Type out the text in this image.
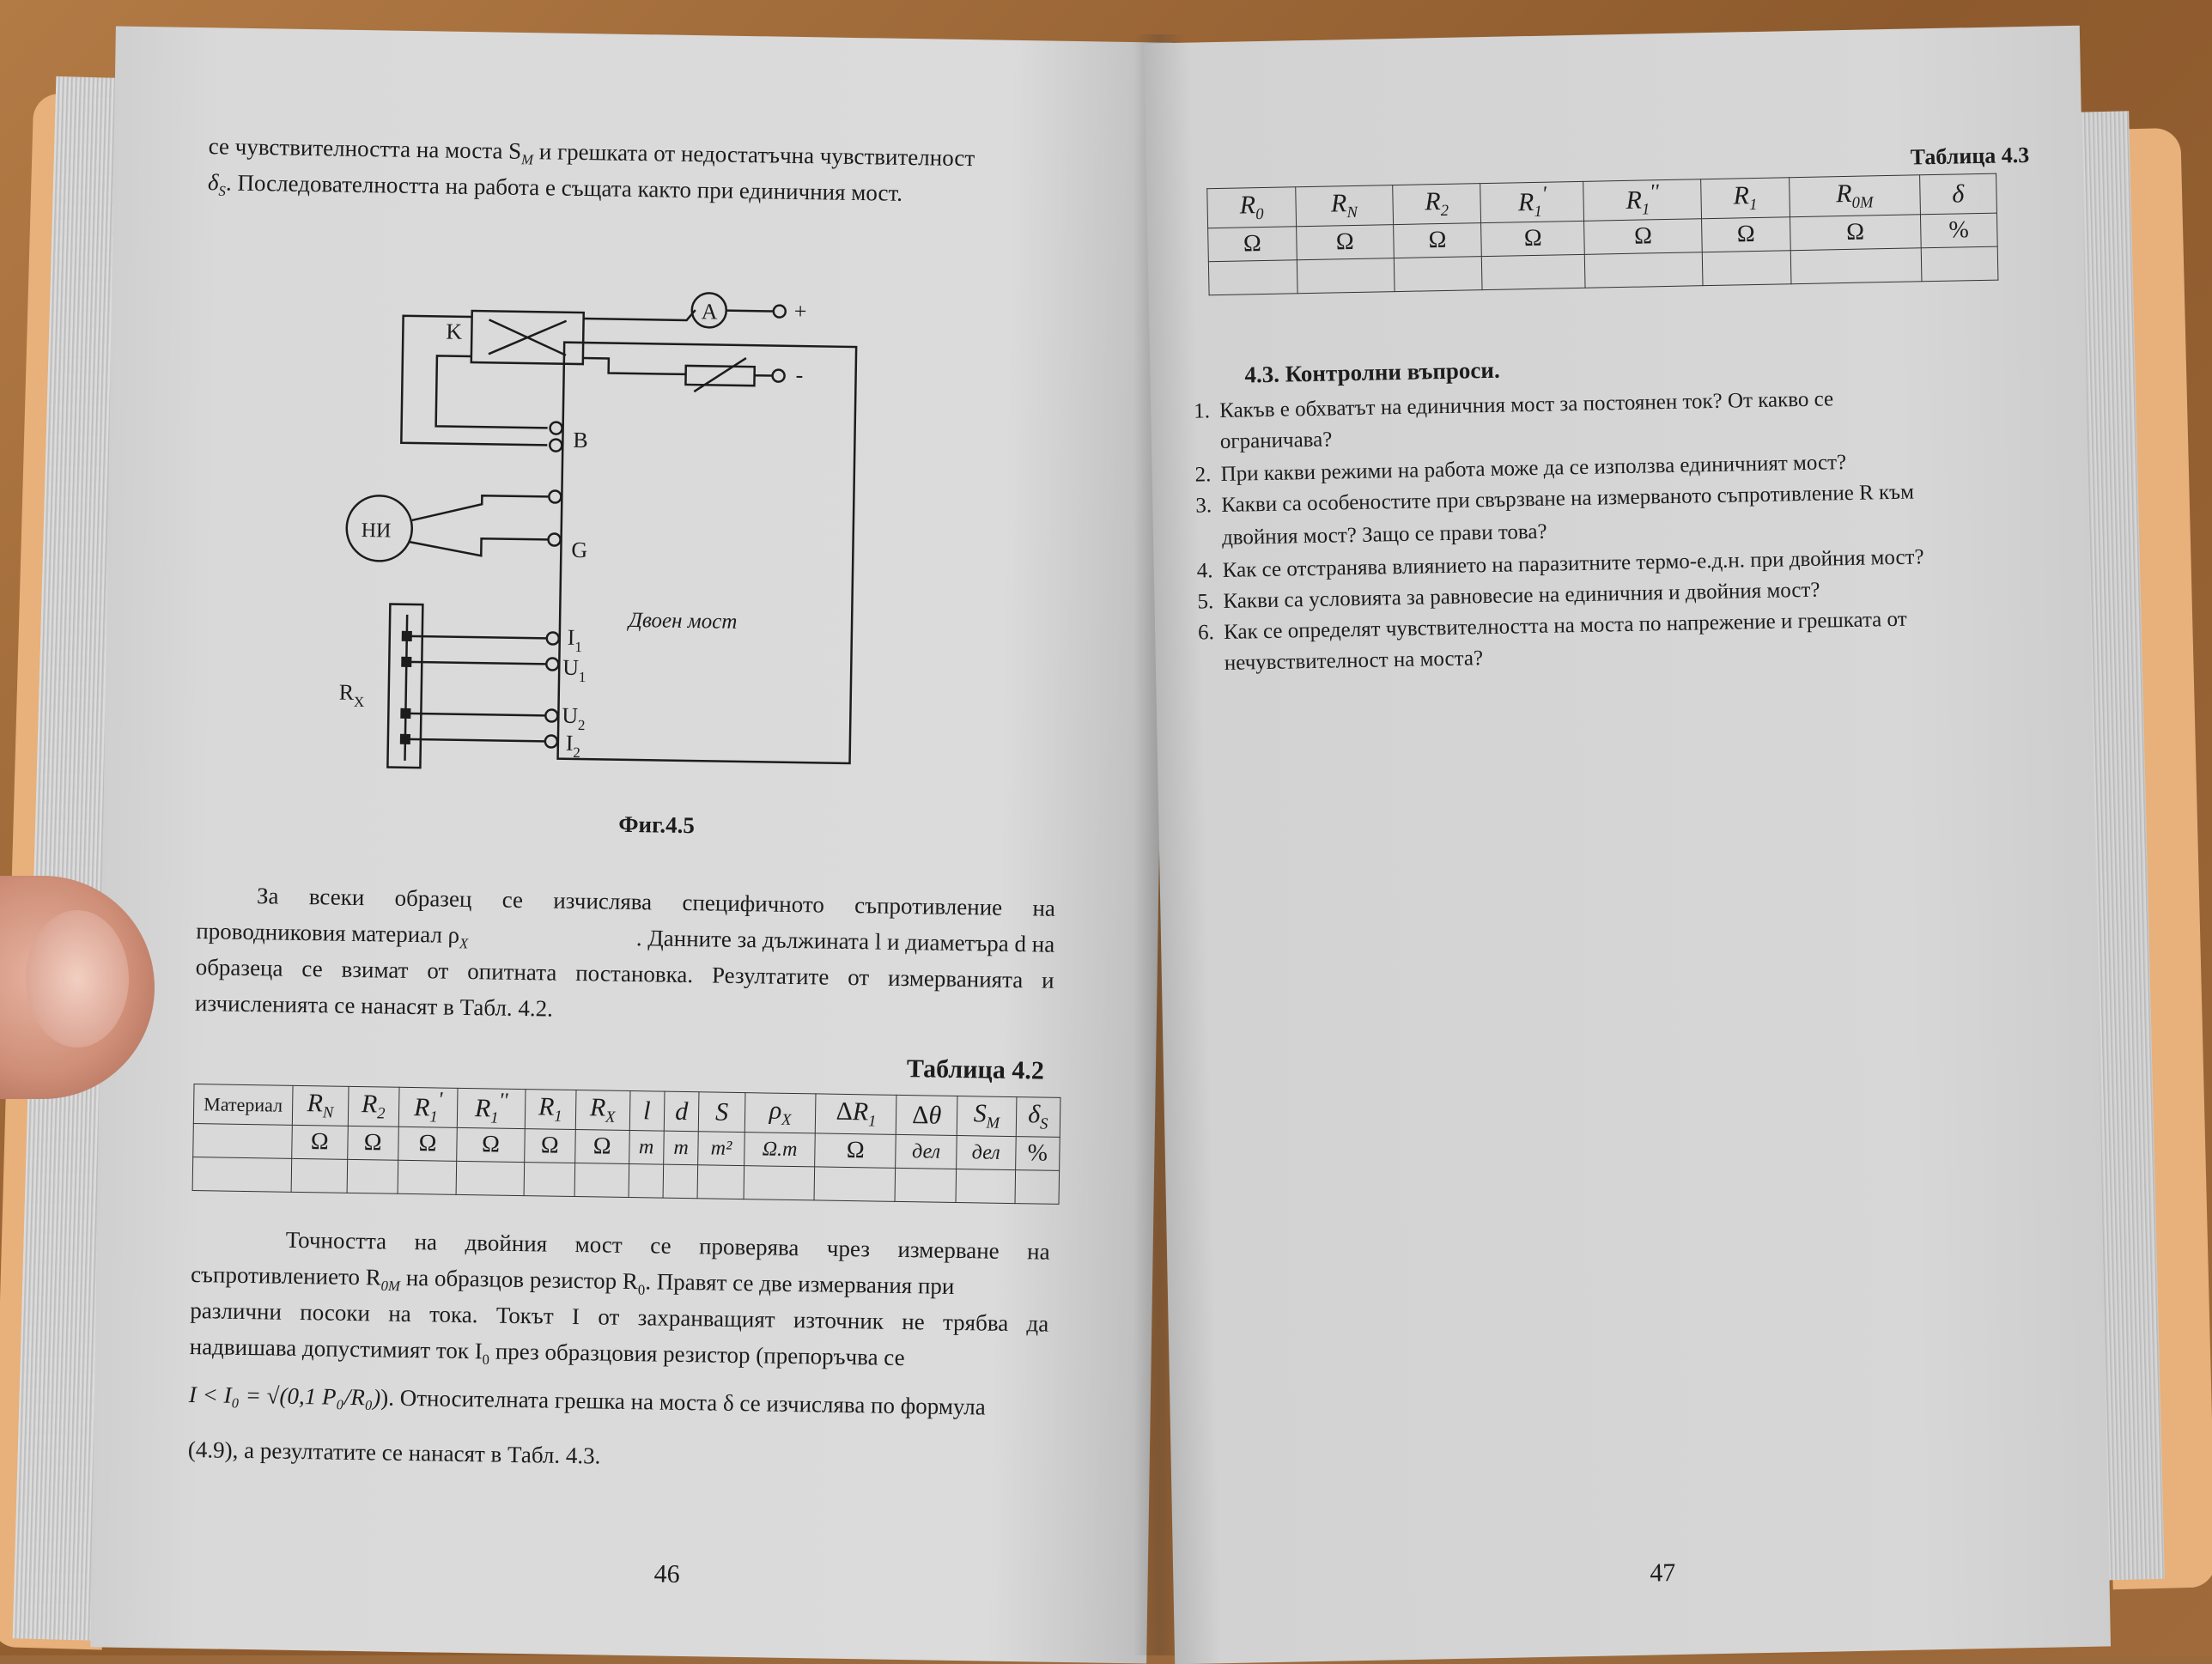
се чувствителността на моста $S_M$ и грешката от недостатъчна чувствителност
$\delta_S$. Последователността на работа е същата както при единичния мост.
K
A	+
-
НИ
B
G
Двоен мост
$I_1$
$U_1$
$U_2$
$I_2$
$R_X$
Фиг.4.5
За всеки образец се изчислява специфичното съпротивление на
проводниковия материал $\rho_X$	. Данните за дължината l и диаметъра d на
образеца се взимат от опитната постановка. Резултатите от измерванията и
изчисленията се нанасят в Табл. 4.2.
Таблица 4.2
Материал	$R_N$	$R_2$	$R_1'$	$R_1''$	$R_1$	$R_X$	l	d	S	$\rho_X$	$\Delta R_1$	Δθ	$S_M$	$\delta_S$
	Ω	Ω	Ω	Ω	Ω	Ω	m	m	m²	Ω.m	Ω	дел	дел	%

Точността на двойния мост се проверява чрез измерване на
съпротивлението $R_{0M}$ на образцов резистор $R_0$. Правят се две измервания при
различни посоки на тока. Токът I от захранващият източник не трябва да
надвишава допустимият ток $I_0$ през образцовия резистор (препоръчва се
I < I₀ = √(0,1 P₀/R₀)). Относителната грешка на моста δ се изчислява по формула
(4.9), а резултатите се нанасят в Табл. 4.3.
46
Таблица 4.3
$R_0$	$R_N$	$R_2$	$R_1'$	$R_1''$	$R_1$	$R_{0M}$	δ
Ω	Ω	Ω	Ω	Ω	Ω	Ω	%

4.3. Контролни въпроси.
1. Какъв е обхватът на единичния мост за постоянен ток? От какво се
ограничава?
2. При какви режими на работа може да се използва единичният мост?
3. Какви са особеностите при свързване на измерваното съпротивление R към
двойния мост? Защо се прави това?
4. Как се отстранява влиянието на паразитните термо-е.д.н. при двойния мост?
5. Какви са условията за равновесие на единичния и двойния мост?
6. Как се определят чувствителността на моста по напрежение и грешката от
нечувствителност на моста?
47
